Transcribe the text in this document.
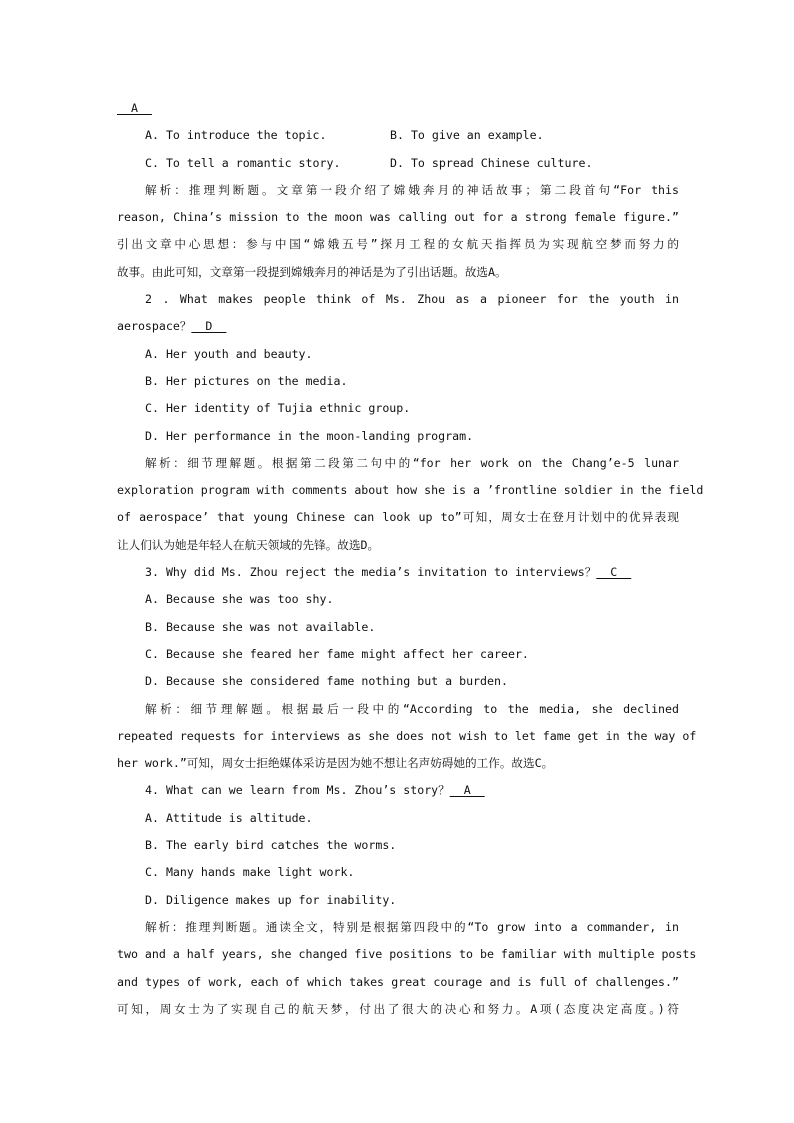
__A__
A. To introduce the topic.	B. To give an example.
C. To tell a romantic story.	D. To spread Chinese culture.
解析：推理判断题。文章第一段介绍了嫦娥奔月的神话故事；第二段首句“For this
reason, China’s mission to the moon was calling out for a strong female figure.”
引出文章中心思想：参与中国“嫦娥五号”探月工程的女航天指挥员为实现航空梦而努力的
故事。由此可知，文章第一段提到嫦娥奔月的神话是为了引出话题。故选A。
2 . What makes people think of Ms. Zhou as a pioneer for the youth in
aerospace？__D__
A. Her youth and beauty.
B. Her pictures on the media.
C. Her identity of Tujia ethnic group.
D. Her performance in the moon-landing program.
解析：细节理解题。根据第二段第二句中的“for her work on the Chang’e-5 lunar
exploration program with comments about how she is a ’frontline soldier in the field
of aerospace’ that young Chinese can look up to”可知，周女士在登月计划中的优异表现
让人们认为她是年轻人在航天领域的先锋。故选D。
3. Why did Ms. Zhou reject the media’s invitation to interviews？__C__
A. Because she was too shy.
B. Because she was not available.
C. Because she feared her fame might affect her career.
D. Because she considered fame nothing but a burden.
解析：细节理解题。根据最后一段中的“According to the media, she declined
repeated requests for interviews as she does not wish to let fame get in the way of
her work.”可知，周女士拒绝媒体采访是因为她不想让名声妨碍她的工作。故选C。
4. What can we learn from Ms. Zhou’s story？__A__
A. Attitude is altitude.
B. The early bird catches the worms.
C. Many hands make light work.
D. Diligence makes up for inability.
解析：推理判断题。通读全文，特别是根据第四段中的“To grow into a commander, in
two and a half years, she changed five positions to be familiar with multiple posts
and types of work, each of which takes great courage and is full of challenges.”
可知，周女士为了实现自己的航天梦，付出了很大的决心和努力。A项(态度决定高度。)符
